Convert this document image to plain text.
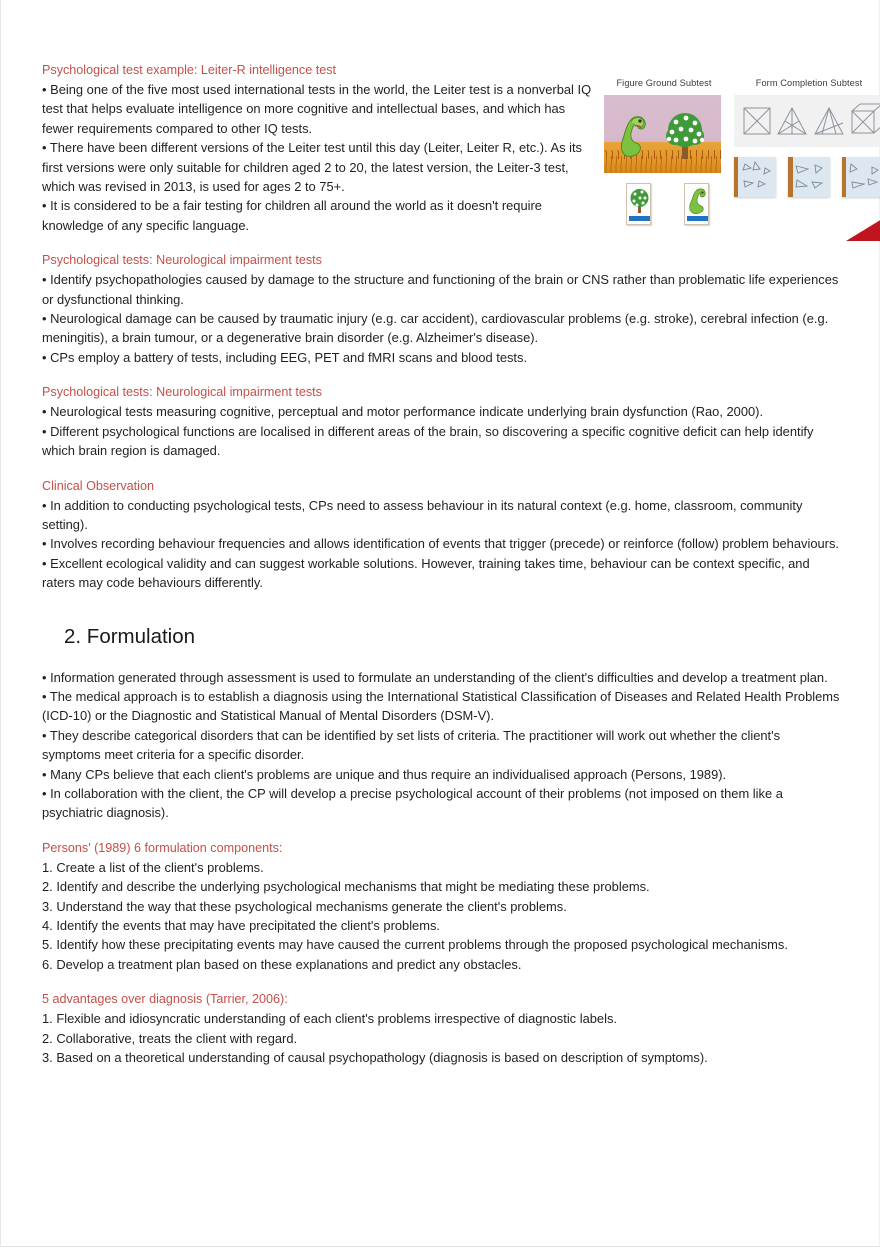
Figure Ground Subtest	Form Completion Subtest
Psychological test example: Leiter-R intelligence test

• Being one of the five most used international tests in the world, the Leiter test is a nonverbal IQ test that helps evaluate intelligence on more cognitive and intellectual bases, and which has fewer requirements compared to other IQ tests.

• There have been different versions of the Leiter test until this day (Leiter, Leiter R, etc.). As its first versions were only suitable for children aged 2 to 20, the latest version, the Leiter-3 test, which was revised in 2013, is used for ages 2 to 75+.

• It is considered to be a fair testing for children all around the world as it doesn't require knowledge of any specific language.

Psychological tests: Neurological impairment tests

• Identify psychopathologies caused by damage to the structure and functioning of the brain or CNS rather than problematic life experiences or dysfunctional thinking.

• Neurological damage can be caused by traumatic injury (e.g. car accident), cardiovascular problems (e.g. stroke), cerebral infection (e.g. meningitis), a brain tumour, or a degenerative brain disorder (e.g. Alzheimer's disease).

• CPs employ a battery of tests, including EEG, PET and fMRI scans and blood tests.

Psychological tests: Neurological impairment tests

• Neurological tests measuring cognitive, perceptual and motor performance indicate underlying brain dysfunction (Rao, 2000).

• Different psychological functions are localised in different areas of the brain, so discovering a specific cognitive deficit can help identify which brain region is damaged.

Clinical Observation

• In addition to conducting psychological tests, CPs need to assess behaviour in its natural context (e.g. home, classroom, community setting).

• Involves recording behaviour frequencies and allows identification of events that trigger (precede) or reinforce (follow) problem behaviours.

• Excellent ecological validity and can suggest workable solutions. However, training takes time, behaviour can be context specific, and raters may code behaviours differently.

2. Formulation

• Information generated through assessment is used to formulate an understanding of the client's difficulties and develop a treatment plan.

• The medical approach is to establish a diagnosis using the International Statistical Classification of Diseases and Related Health Problems (ICD-10) or the Diagnostic and Statistical Manual of Mental Disorders (DSM-V).

• They describe categorical disorders that can be identified by set lists of criteria. The practitioner will work out whether the client's symptoms meet criteria for a specific disorder.

• Many CPs believe that each client's problems are unique and thus require an individualised approach (Persons, 1989).

• In collaboration with the client, the CP will develop a precise psychological account of their problems (not imposed on them like a psychiatric diagnosis).

Persons' (1989) 6 formulation components:

1. Create a list of the client's problems.

2. Identify and describe the underlying psychological mechanisms that might be mediating these problems.

3. Understand the way that these psychological mechanisms generate the client's problems.

4. Identify the events that may have precipitated the client's problems.

5. Identify how these precipitating events may have caused the current problems through the proposed psychological mechanisms.

6. Develop a treatment plan based on these explanations and predict any obstacles.

5 advantages over diagnosis (Tarrier, 2006):

1. Flexible and idiosyncratic understanding of each client's problems irrespective of diagnostic labels.

2. Collaborative, treats the client with regard.

3. Based on a theoretical understanding of causal psychopathology (diagnosis is based on description of symptoms).
